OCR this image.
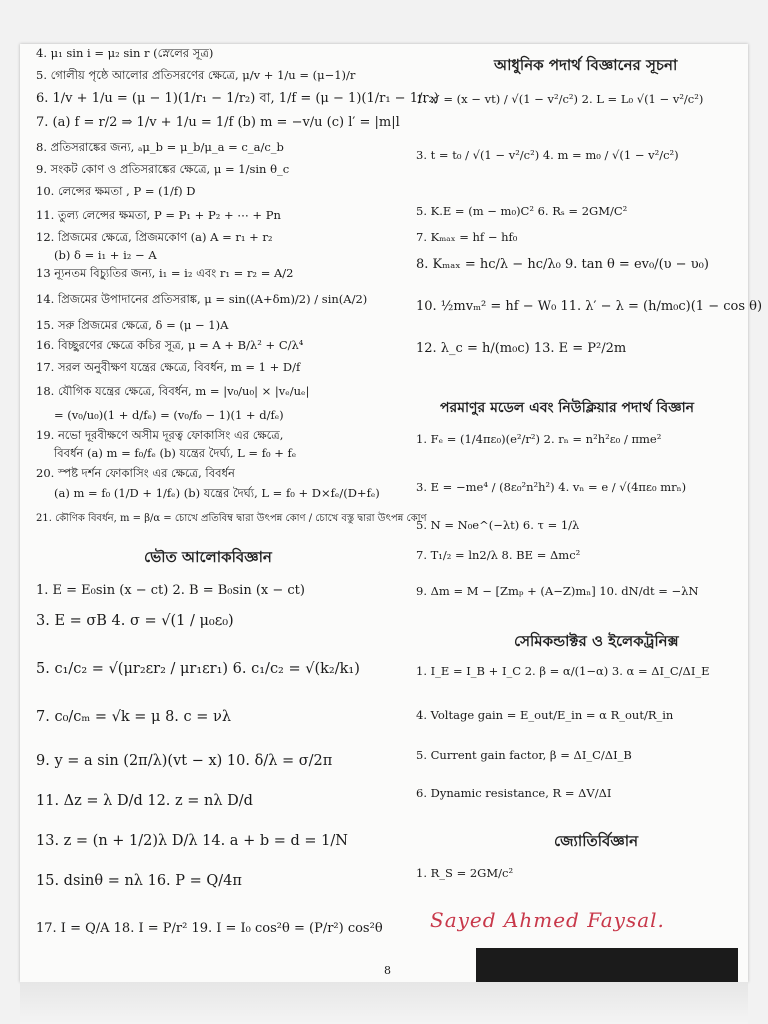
4. μ₁ sin i = μ₂ sin r (স্নেলের সূত্র)
5. গোলীয় পৃষ্ঠে আলোর প্রতিসরণের ক্ষেত্রে, μ/v + 1/u = (μ−1)/r
6. 1/v + 1/u = (μ − 1)(1/r₁ − 1/r₂) বা, 1/f = (μ − 1)(1/r₁ − 1/r₂)
7. (a) f = r/2 ⇒ 1/v + 1/u = 1/f (b) m = −v/u (c) l′ = |m|l
8. প্রতিসরাঙ্কের জন্য, ₐμ_b = μ_b/μ_a = c_a/c_b
9. সংকট কোণ ও প্রতিসরাঙ্কের ক্ষেত্রে, μ = 1/sin θ_c
10. লেন্সের ক্ষমতা , P = (1/f) D
11. তুল্য লেন্সের ক্ষমতা, P = P₁ + P₂ + ⋯ + Pn
12. প্রিজমের ক্ষেত্রে, প্রিজমকোণ (a) A = r₁ + r₂
(b) δ = i₁ + i₂ − A
13 ন্যূনতম বিচ্যুতির জন্য, i₁ = i₂ এবং r₁ = r₂ = A/2
14. প্রিজমের উপাদানের প্রতিসরাঙ্ক, μ = sin((A+δm)/2) / sin(A/2)
15. সরু প্রিজমের ক্ষেত্রে, δ = (μ − 1)A
16. বিচ্ছুরণের ক্ষেত্রে কচির সূত্র, μ = A + B/λ² + C/λ⁴
17. সরল অনুবীক্ষণ যন্ত্রের ক্ষেত্রে, বিবর্ধন, m = 1 + D/f
18. যৌগিক যন্ত্রের ক্ষেত্রে, বিবর্ধন, m = |v₀/u₀| × |vₑ/uₑ|
= (v₀/u₀)(1 + d/fₑ) = (v₀/f₀ − 1)(1 + d/fₑ)
19. নভো দূরবীক্ষণে অসীম দূরত্ব ফোকাসিং এর ক্ষেত্রে,
বিবর্ধন (a) m = f₀/fₑ (b) যন্ত্রের দৈর্ঘ্য, L = f₀ + fₑ
20. স্পষ্ট দর্শন ফোকাসিং এর ক্ষেত্রে, বিবর্ধন
(a) m = f₀ (1/D + 1/fₑ) (b) যন্ত্রের দৈর্ঘ্য, L = f₀ + D×fₑ/(D+fₑ)
21. কৌণিক বিবর্ধন, m = β/α = চোখে প্রতিবিম্ব দ্বারা উৎপন্ন কোণ / চোখে বস্তু দ্বারা উৎপন্ন কোণ
ভৌত আলোকবিজ্ঞান
1. E = E₀sin (x − ct) 2. B = B₀sin (x − ct)
3. E = σB 4. σ = √(1 / μ₀ε₀)
5. c₁/c₂ = √(μr₂εr₂ / μr₁εr₁) 6. c₁/c₂ = √(k₂/k₁)
7. c₀/cₘ = √k = μ 8. c = νλ
9. y = a sin (2π/λ)(vt − x) 10. δ/λ = σ/2π
11. Δz = λ D/d 12. z = nλ D/d
13. z = (n + 1/2)λ D/λ 14. a + b = d = 1/N
15. dsinθ = nλ 16. P = Q/4π
17. I = Q/A 18. I = P/r² 19. I = I₀ cos²θ = (P/r²) cos²θ
আধুনিক পদার্থ বিজ্ঞানের সূচনা
1. x′ = (x − vt) / √(1 − v²/c²) 2. L = L₀ √(1 − v²/c²)
3. t = t₀ / √(1 − v²/c²) 4. m = m₀ / √(1 − v²/c²)
5. K.E = (m − m₀)C² 6. Rₛ = 2GM/C²
7. Kₘₐₓ = hf − hf₀
8. Kₘₐₓ = hc/λ − hc/λ₀ 9. tan θ = ev₀/(υ − υ₀)
10. ½mvₘ² = hf − W₀ 11. λ′ − λ = (h/m₀c)(1 − cos θ)
12. λ_c = h/(m₀c) 13. E = P²/2m
পরমাণুর মডেল এবং নিউক্লিয়ার পদার্থ বিজ্ঞান
1. Fₑ = (1/4πε₀)(e²/r²) 2. rₙ = n²h²ε₀ / πme²
3. E = −me⁴ / (8ε₀²n²h²) 4. vₙ = e / √(4πε₀ mrₙ)
5. N = N₀e^(−λt) 6. τ = 1/λ
7. T₁/₂ = ln2/λ 8. BE = Δmc²
9. Δm = M − [Zmₚ + (A−Z)mₙ] 10. dN/dt = −λN
সেমিকন্ডাক্টর ও ইলেকট্রনিক্স
1. I_E = I_B + I_C 2. β = α/(1−α) 3. α = ΔI_C/ΔI_E
4. Voltage gain = E_out/E_in = α R_out/R_in
5. Current gain factor, β = ΔI_C/ΔI_B
6. Dynamic resistance, R = ΔV/ΔI
জ্যোতির্বিজ্ঞান
1. R_S = 2GM/c²
Sayed Ahmed Faysal.
8
